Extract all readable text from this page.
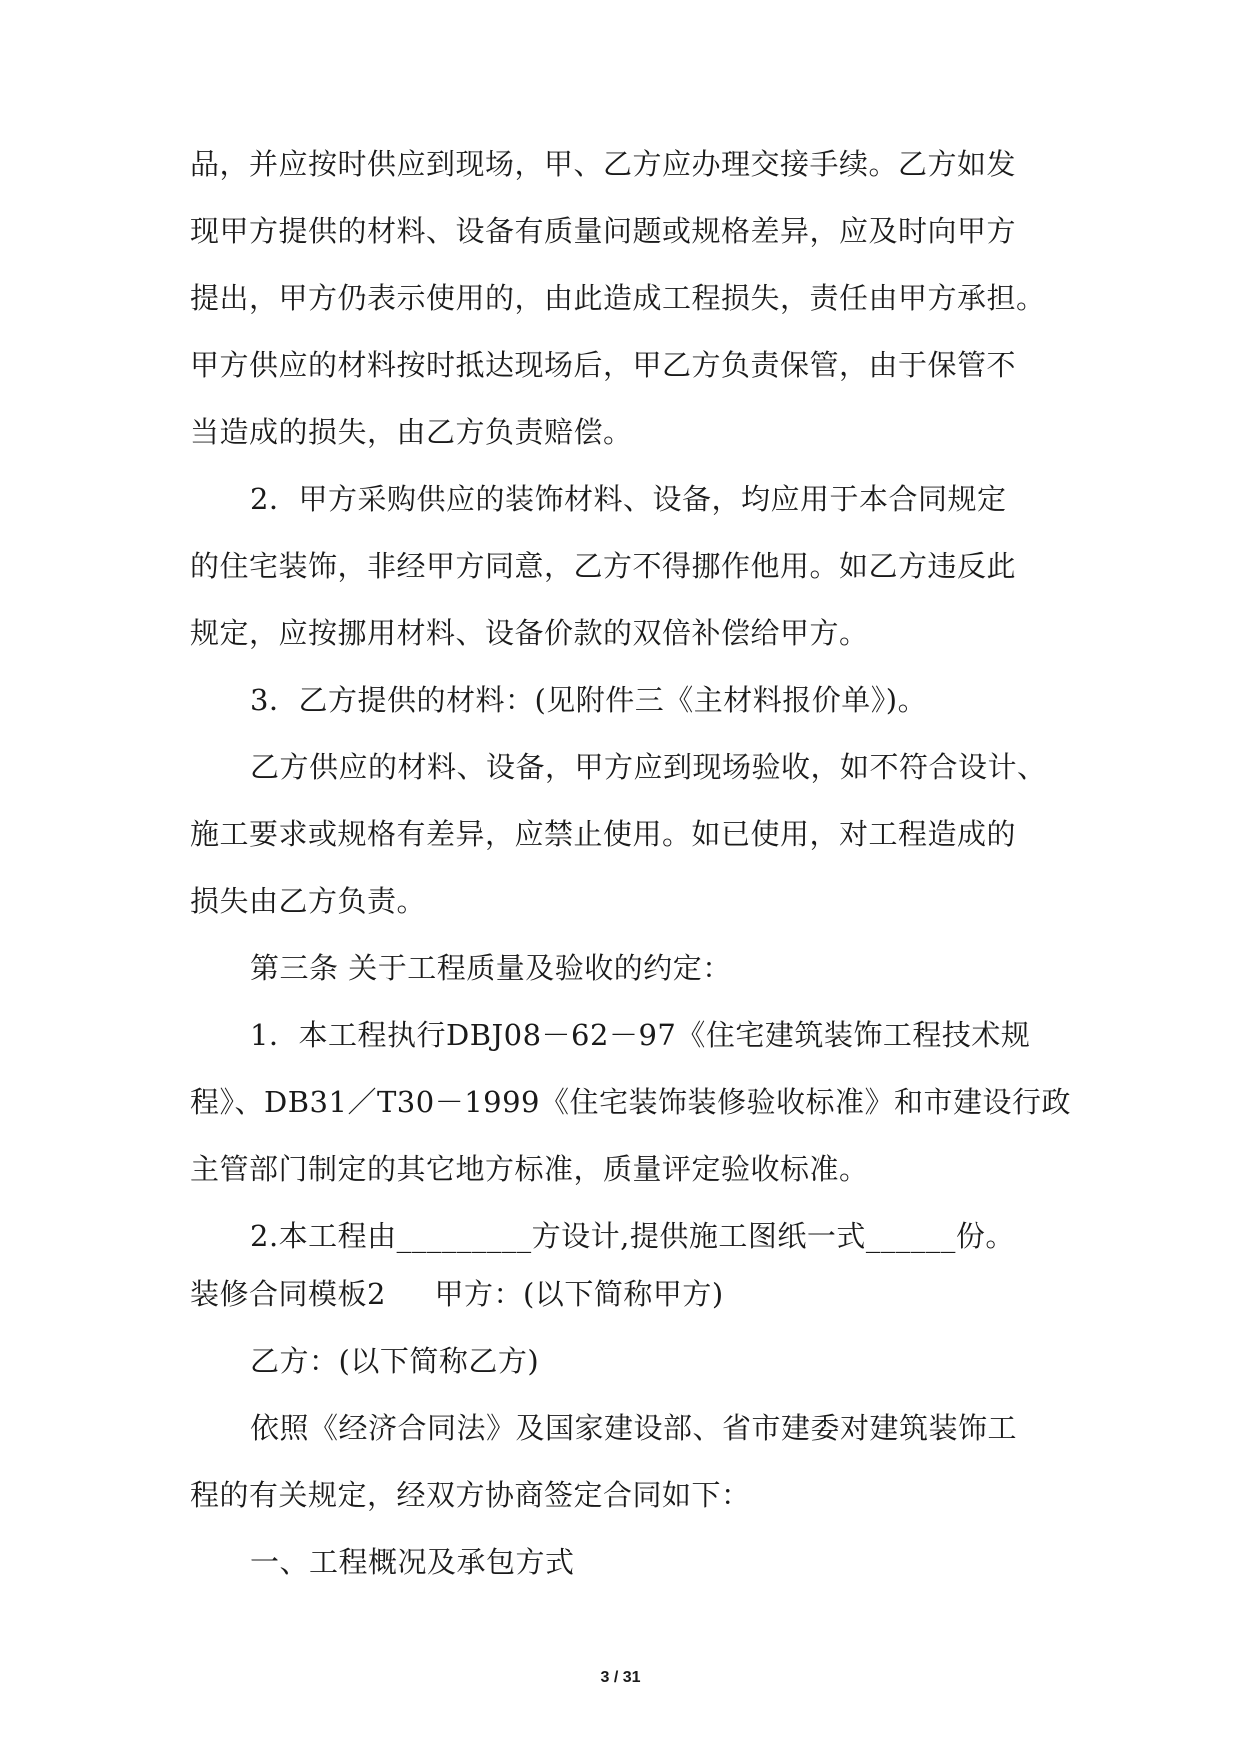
品，并应按时供应到现场，甲、乙方应办理交接手续。乙方如发
现甲方提供的材料、设备有质量问题或规格差异，应及时向甲方
提出，甲方仍表示使用的，由此造成工程损失，责任由甲方承担。
甲方供应的材料按时抵达现场后，甲乙方负责保管，由于保管不
当造成的损失，由乙方负责赔偿。
2．甲方采购供应的装饰材料、设备，均应用于本合同规定
的住宅装饰，非经甲方同意，乙方不得挪作他用。如乙方违反此
规定，应按挪用材料、设备价款的双倍补偿给甲方。
3．乙方提供的材料：(见附件三《主材料报价单》)。
乙方供应的材料、设备，甲方应到现场验收，如不符合设计、
施工要求或规格有差异，应禁止使用。如已使用，对工程造成的
损失由乙方负责。
第三条 关于工程质量及验收的约定：
1．本工程执行DBJ08－62－97《住宅建筑装饰工程技术规
程》、DB31／T30－1999《住宅装饰装修验收标准》和市建设行政
主管部门制定的其它地方标准，质量评定验收标准。
2.本工程由_________方设计,提供施工图纸一式______份。
装修合同模板2     甲方：(以下简称甲方)
乙方：(以下简称乙方)
依照《经济合同法》及国家建设部、省市建委对建筑装饰工
程的有关规定，经双方协商签定合同如下：
一、工程概况及承包方式
3 / 31
